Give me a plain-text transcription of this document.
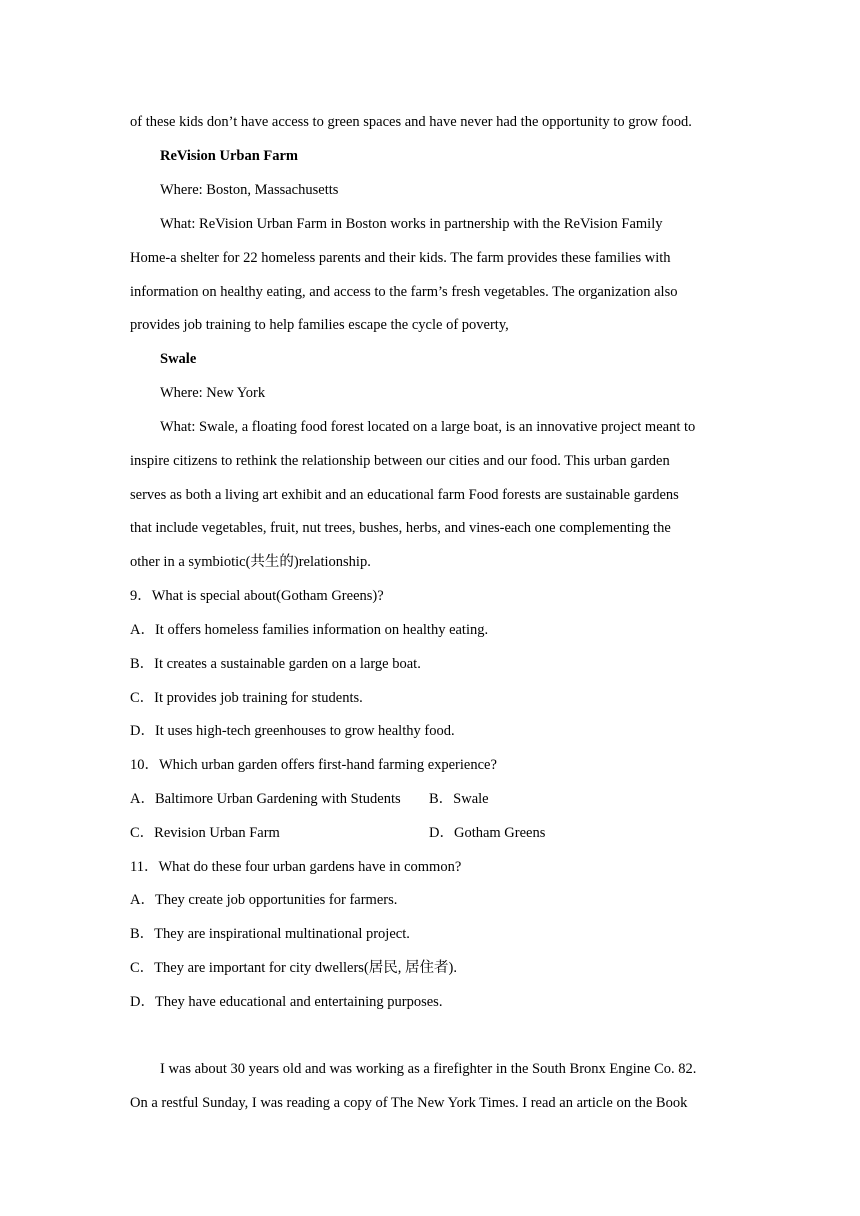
of these kids don’t have access to green spaces and have never had the opportunity to grow food.

ReVision Urban Farm

Where: Boston, Massachusetts

What: ReVision Urban Farm in Boston works in partnership with the ReVision Family

Home-a shelter for 22 homeless parents and their kids. The farm provides these families with

information on healthy eating, and access to the farm’s fresh vegetables. The organization also

provides job training to help families escape the cycle of poverty,

Swale

Where: New York

What: Swale, a floating food forest located on a large boat, is an innovative project meant to

inspire citizens to rethink the relationship between our cities and our food. This urban garden

serves as both a living art exhibit and an educational farm Food forests are sustainable gardens

that include vegetables, fruit, nut trees, bushes, herbs, and vines-each one complementing the

other in a symbiotic(共生的)relationship.

9．What is special about(Gotham Greens)?

A．It offers homeless families information on healthy eating.

B．It creates a sustainable garden on a large boat.

C．It provides job training for students.

D．It uses high-tech greenhouses to grow healthy food.

10．Which urban garden offers first-hand farming experience?

A．Baltimore Urban Gardening with Students B．Swale

C．Revision Urban Farm	D．Gotham Greens

11．What do these four urban gardens have in common?

A．They create job opportunities for farmers.

B．They are inspirational multinational project.

C．They are important for city dwellers(居民, 居住者).

D．They have educational and entertaining purposes.

I was about 30 years old and was working as a firefighter in the South Bronx Engine Co. 82.

On a restful Sunday, I was reading a copy of The New York Times. I read an article on the Book
